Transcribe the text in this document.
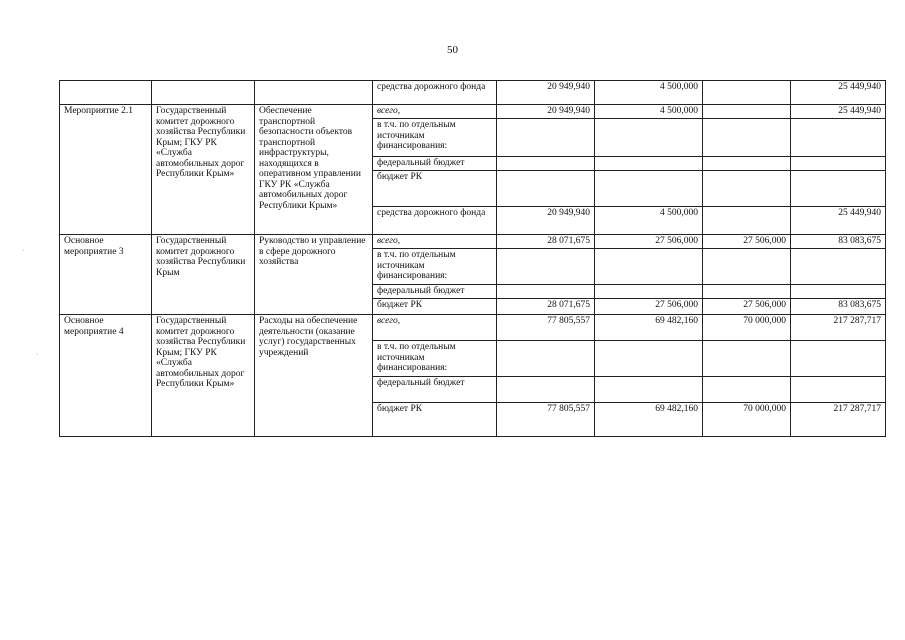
50
·
·
			средства дорожного фонда	20 949,940	4 500,000		25 449,940
Мероприятие 2.1	Государственный комитет дорожного хозяйства Республики Крым; ГКУ РК «Служба автомобильных дорог Республики Крым»	Обеспечение транспортной безопасности объектов транспортной инфраструктуры, находящихся в оперативном управлении ГКУ РК «Служба автомобильных дорог Республики Крым»	всего,	20 949,940	4 500,000		25 449,940
			в т.ч. по отдельным источникам финансирования:				
			федеральный бюджет				
			бюджет РК				
			средства дорожного фонда	20 949,940	4 500,000		25 449,940
Основное мероприятие 3	Государственный комитет дорожного хозяйства Республики Крым	Руководство и управление в сфере дорожного хозяйства	всего,	28 071,675	27 506,000	27 506,000	83 083,675
			в т.ч. по отдельным источникам финансирования:				
			федеральный бюджет				
			бюджет РК	28 071,675	27 506,000	27 506,000	83 083,675
Основное мероприятие 4	Государственный комитет дорожного хозяйства Республики Крым; ГКУ РК «Служба автомобильных дорог Республики Крым»	Расходы на обеспечение деятельности (оказание услуг) государственных учреждений	всего,	77 805,557	69 482,160	70 000,000	217 287,717
			в т.ч. по отдельным источникам финансирования:				
			федеральный бюджет				
			бюджет РК	77 805,557	69 482,160	70 000,000	217 287,717
